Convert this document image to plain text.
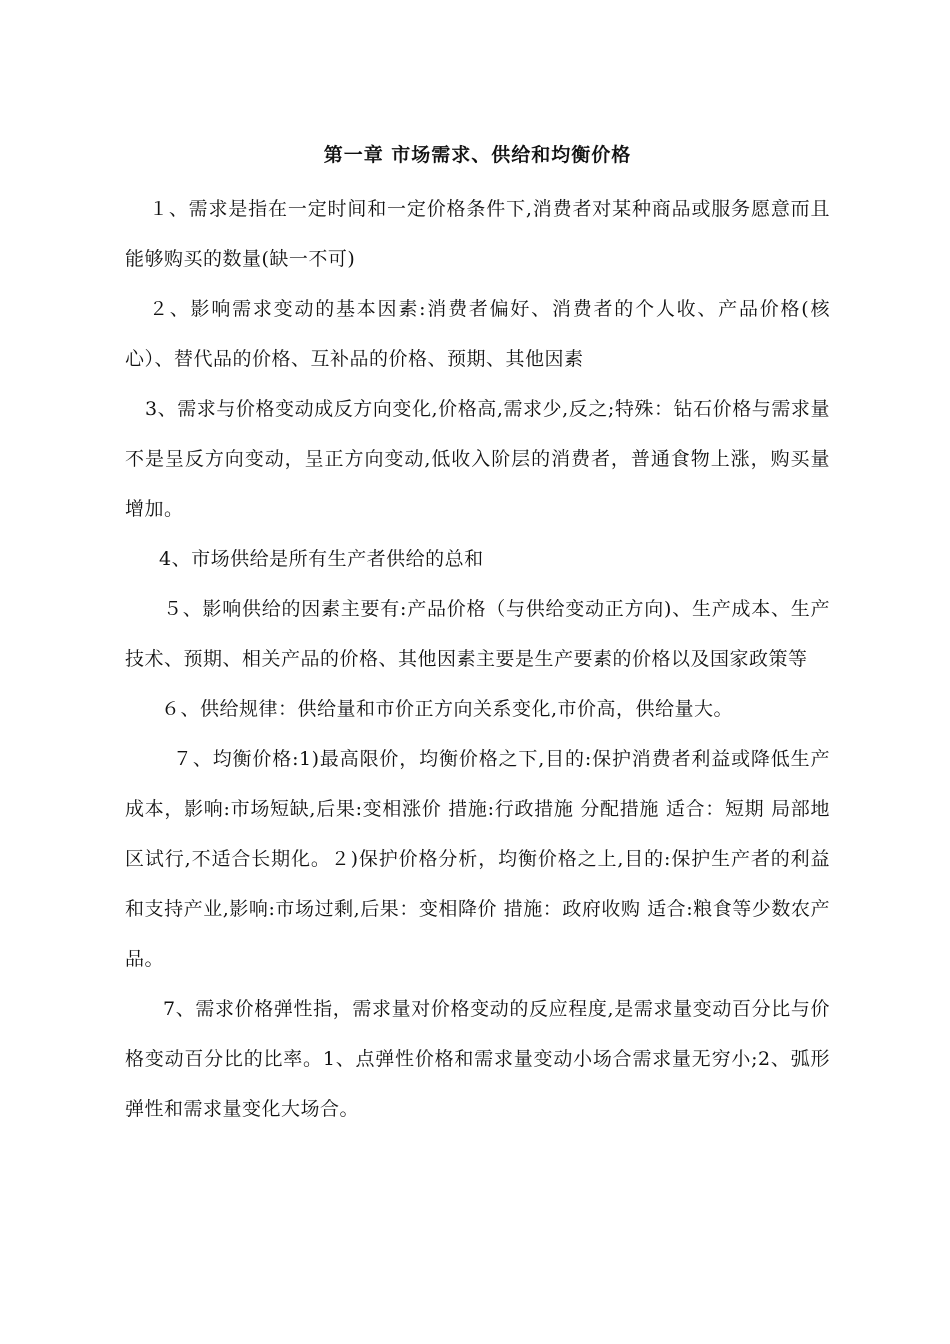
第一章 市场需求、供给和均衡价格

１、需求是指在一定时间和一定价格条件下,消费者对某种商品或服务愿意而且能够购买的数量(缺一不可)

２、影响需求变动的基本因素:消费者偏好、消费者的个人收、产品价格(核心）、替代品的价格、互补品的价格、预期、其他因素

3、需求与价格变动成反方向变化,价格高,需求少,反之;特殊：钻石价格与需求量不是呈反方向变动，呈正方向变动,低收入阶层的消费者，普通食物上涨，购买量增加。

4、市场供给是所有生产者供给的总和

５、影响供给的因素主要有:产品价格（与供给变动正方向)、生产成本、生产技术、预期、相关产品的价格、其他因素主要是生产要素的价格以及国家政策等

６、供给规律：供给量和市价正方向关系变化,市价高，供给量大。

７、均衡价格:1)最高限价，均衡价格之下,目的:保护消费者利益或降低生产成本，影响:市场短缺,后果:变相涨价 措施:行政措施 分配措施 适合：短期 局部地区试行,不适合长期化。２)保护价格分析，均衡价格之上,目的:保护生产者的利益和支持产业,影响:市场过剩,后果：变相降价 措施：政府收购 适合:粮食等少数农产品。

7、需求价格弹性指，需求量对价格变动的反应程度,是需求量变动百分比与价格变动百分比的比率。1、点弹性价格和需求量变动小场合需求量无穷小;2、弧形弹性和需求量变化大场合。
